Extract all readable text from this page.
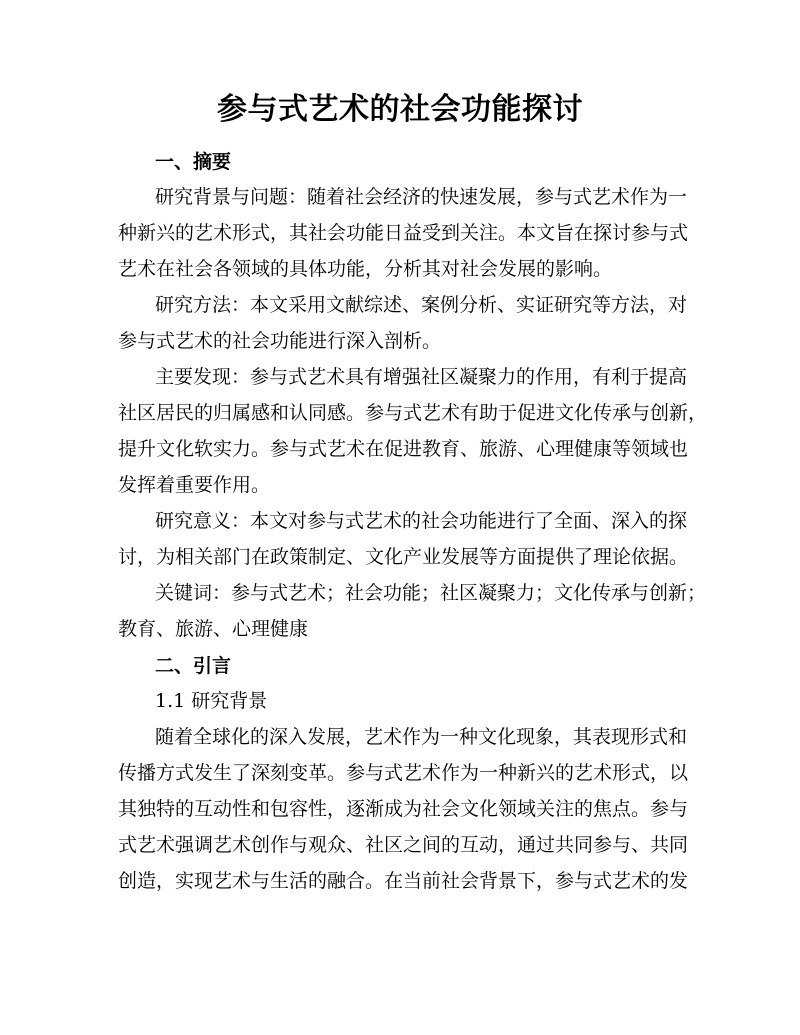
参与式艺术的社会功能探讨

一、摘要

研究背景与问题：随着社会经济的快速发展，参与式艺术作为一

种新兴的艺术形式，其社会功能日益受到关注。本文旨在探讨参与式

艺术在社会各领域的具体功能，分析其对社会发展的影响。

研究方法：本文采用文献综述、案例分析、实证研究等方法，对

参与式艺术的社会功能进行深入剖析。

主要发现：参与式艺术具有增强社区凝聚力的作用，有利于提高

社区居民的归属感和认同感。参与式艺术有助于促进文化传承与创新，

提升文化软实力。参与式艺术在促进教育、旅游、心理健康等领域也

发挥着重要作用。

研究意义：本文对参与式艺术的社会功能进行了全面、深入的探

讨，为相关部门在政策制定、文化产业发展等方面提供了理论依据。

关键词：参与式艺术；社会功能；社区凝聚力；文化传承与创新；

教育、旅游、心理健康

二、引言

1.1 研究背景

随着全球化的深入发展，艺术作为一种文化现象，其表现形式和

传播方式发生了深刻变革。参与式艺术作为一种新兴的艺术形式，以

其独特的互动性和包容性，逐渐成为社会文化领域关注的焦点。参与

式艺术强调艺术创作与观众、社区之间的互动，通过共同参与、共同

创造，实现艺术与生活的融合。在当前社会背景下，参与式艺术的发
